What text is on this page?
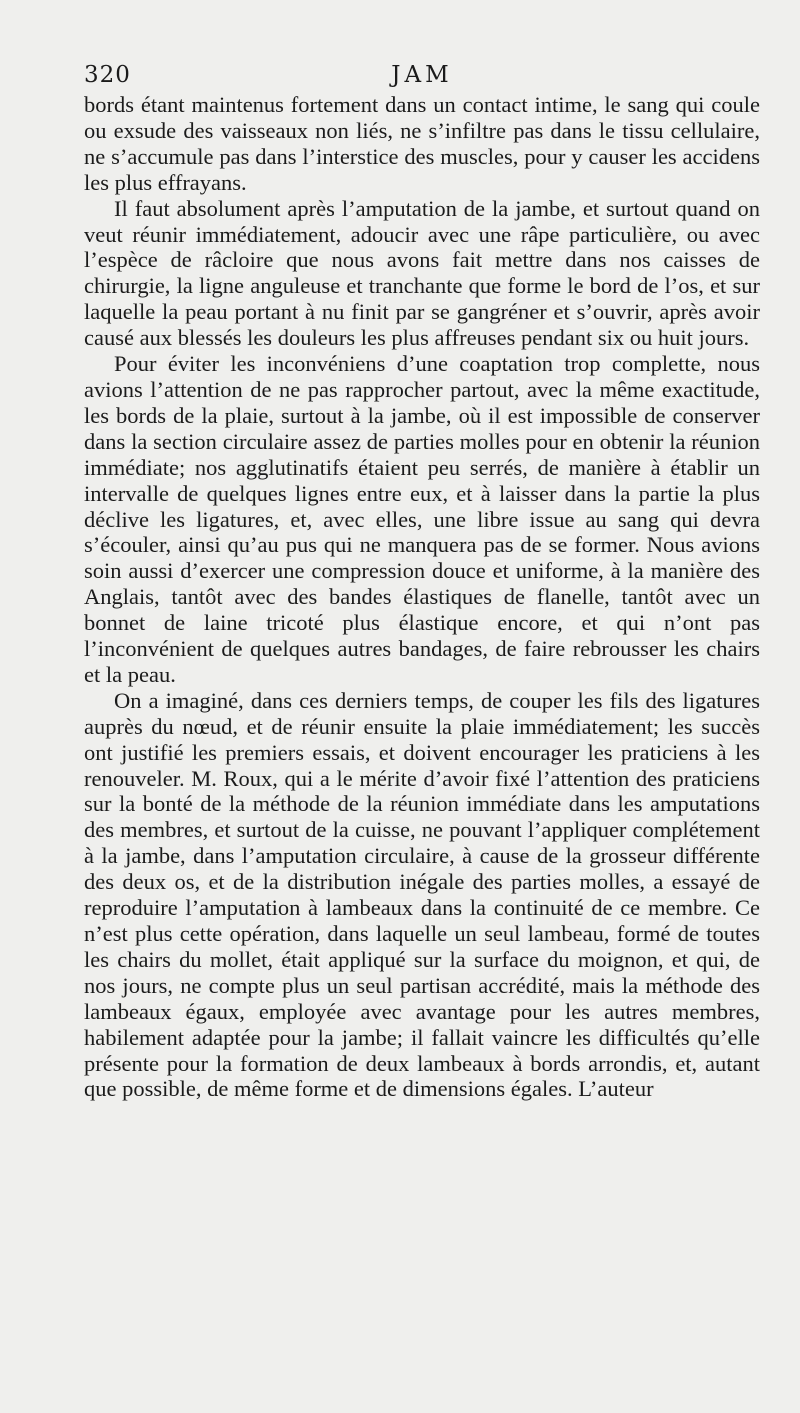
320	JAM

bords étant maintenus fortement dans un contact intime, le sang qui coule ou exsude des vaisseaux non liés, ne s’infiltre pas dans le tissu cellulaire, ne s’accumule pas dans l’interstice des muscles, pour y causer les accidens les plus effrayans.

Il faut absolument après l’amputation de la jambe, et surtout quand on veut réunir immédiatement, adoucir avec une râpe particulière, ou avec l’espèce de râcloire que nous avons fait mettre dans nos caisses de chirurgie, la ligne anguleuse et tranchante que forme le bord de l’os, et sur laquelle la peau portant à nu finit par se gangréner et s’ouvrir, après avoir causé aux blessés les douleurs les plus affreuses pendant six ou huit jours.

Pour éviter les inconvéniens d’une coaptation trop complette, nous avions l’attention de ne pas rapprocher partout, avec la même exactitude, les bords de la plaie, surtout à la jambe, où il est impossible de conserver dans la section circulaire assez de parties molles pour en obtenir la réunion immédiate; nos agglutinatifs étaient peu serrés, de manière à établir un intervalle de quelques lignes entre eux, et à laisser dans la partie la plus déclive les ligatures, et, avec elles, une libre issue au sang qui devra s’écouler, ainsi qu’au pus qui ne manquera pas de se former. Nous avions soin aussi d’exercer une compression douce et uniforme, à la manière des Anglais, tantôt avec des bandes élastiques de flanelle, tantôt avec un bonnet de laine tricoté plus élastique encore, et qui n’ont pas l’inconvénient de quelques autres bandages, de faire rebrousser les chairs et la peau.

On a imaginé, dans ces derniers temps, de couper les fils des ligatures auprès du nœud, et de réunir ensuite la plaie immédiatement; les succès ont justifié les premiers essais, et doivent encourager les praticiens à les renouveler. M. Roux, qui a le mérite d’avoir fixé l’attention des praticiens sur la bonté de la méthode de la réunion immédiate dans les amputations des membres, et surtout de la cuisse, ne pouvant l’appliquer complétement à la jambe, dans l’amputation circulaire, à cause de la grosseur différente des deux os, et de la distribution inégale des parties molles, a essayé de reproduire l’amputation à lambeaux dans la continuité de ce membre. Ce n’est plus cette opération, dans laquelle un seul lambeau, formé de toutes les chairs du mollet, était appliqué sur la surface du moignon, et qui, de nos jours, ne compte plus un seul partisan accrédité, mais la méthode des lambeaux égaux, employée avec avantage pour les autres membres, habilement adaptée pour la jambe; il fallait vaincre les difficultés qu’elle présente pour la formation de deux lambeaux à bords arrondis, et, autant que possible, de même forme et de dimensions égales. L’auteur
